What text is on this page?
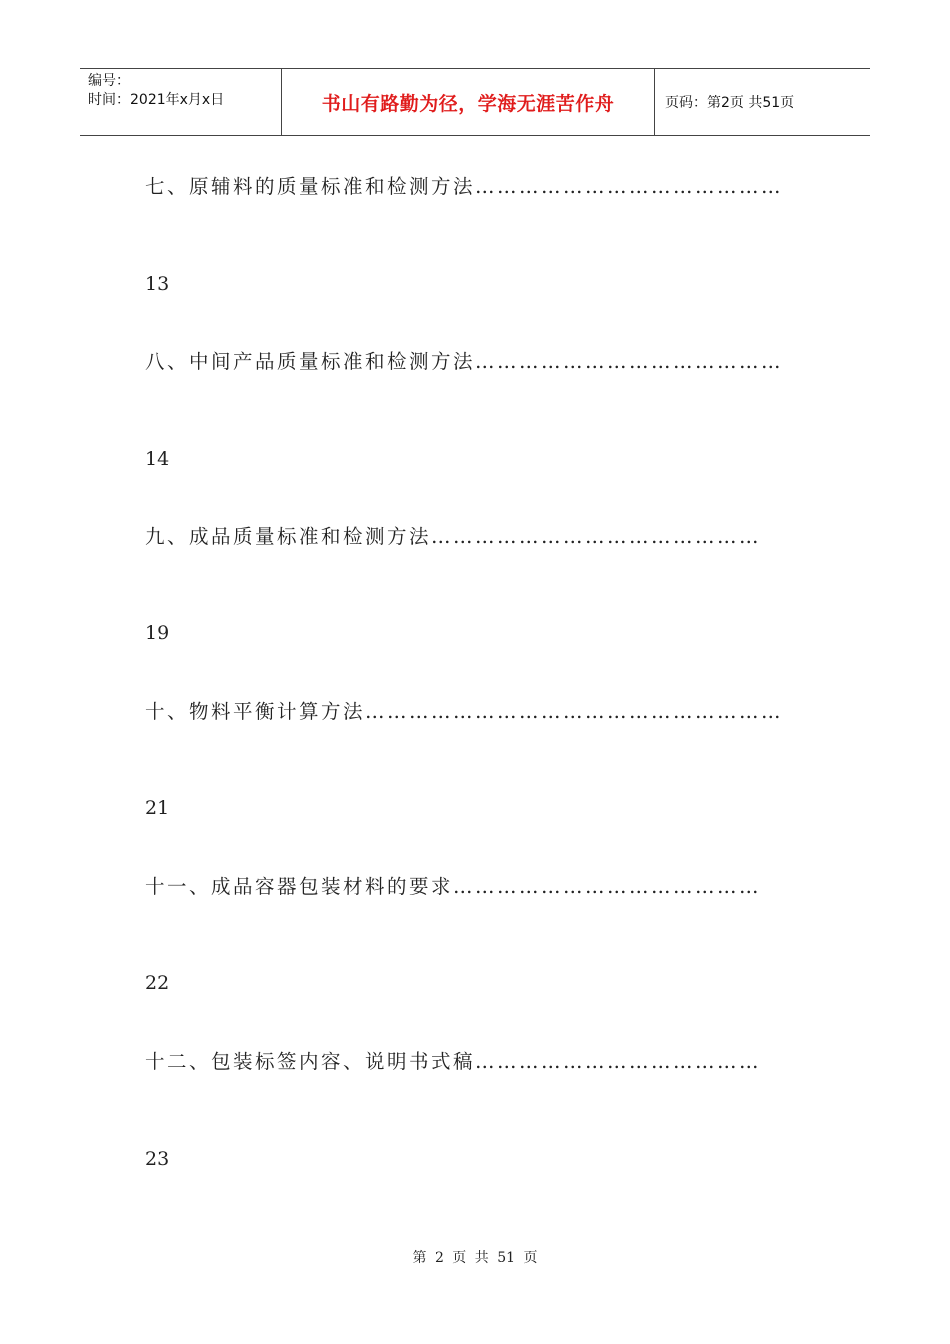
编号：
时间：2021年x月x日	书山有路勤为径，学海无涯苦作舟	页码：第2页 共51页
七、原辅料的质量标准和检测方法……………………………………
13
八、中间产品质量标准和检测方法……………………………………
14
九、成品质量标准和检测方法………………………………………
19
十、物料平衡计算方法…………………………………………………
21
十一、成品容器包装材料的要求……………………………………
22
十二、包装标签内容、说明书式稿…………………………………
23
第 2 页 共 51 页
